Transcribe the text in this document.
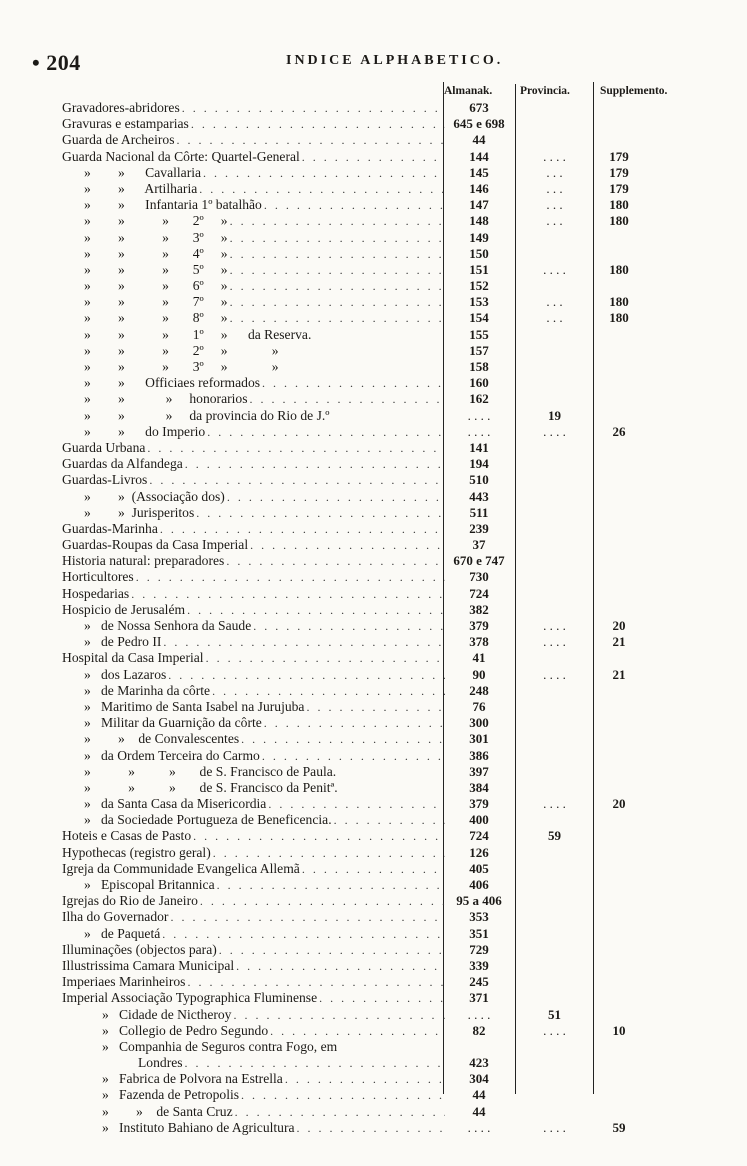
• 204	INDICE ALPHABETICO.
Almanak. Provincia.	Supplemento.
Gravadores-abridores . . .	673
Gravuras e estamparias . . .	645 e 698
Guarda de Archeiros . . .	44
Guarda Nacional da Côrte: Quartel-General . . .	144	. . . .	179
»        »      Cavallaria . . .	145	. . .	179
»        »      Artilharia . . .	146	. . .	179
»        »      Infantaria 1º batalhão . . .	147	. . .	180
»        »           »       2º     » . . .	148	. . .	180
»        »           »       3º     » . . .	149
»        »           »       4º     » . . .	150
»        »           »       5º     » . . .	151	. . . .	180
»        »           »       6º     » . . .	152
»        »           »       7º     » . . .	153	. . .	180
»        »           »       8º     » . . .	154	. . .	180
»        »           »       1º     »      da Reserva.	155
»        »           »       2º     »             »	157
»        »           »       3º     »             »	158
»        »      Officiaes reformados . . .	160
»        »            »     honorarios . . .	162
»        »            »     da provincia do Rio de J.º	. . . .	19
»        »      do Imperio . . .	. . . .	. . . .	26
Guarda Urbana . . .	141
Guardas da Alfandega . . .	194
Guardas-Livros . . .	510
»        »  (Associação dos) . . .	443
»        »  Jurisperitos . . .	511
Guardas-Marinha . . .	239
Guardas-Roupas da Casa Imperial . . .	37
Historia natural: preparadores . . .	670 e 747
Horticultores . . .	730
Hospedarias . . .	724
Hospicio de Jerusalém . . .	382
»   de Nossa Senhora da Saude . . .	379	. . . .	20
»   de Pedro II . . .	378	. . . .	21
Hospital da Casa Imperial . . .	41
»   dos Lazaros . . .	90	. . . .	21
»   de Marinha da côrte . . .	248
»   Maritimo de Santa Isabel na Jurujuba . . .	76
»   Militar da Guarnição da côrte . . .	300
»        »    de Convalescentes . . .	301
»   da Ordem Terceira do Carmo . . .	386
»           »          »       de S. Francisco de Paula.	397
»           »          »       de S. Francisco da Penitª.	384
»   da Santa Casa da Misericordia . . .	379	. . . .	20
»   da Sociedade Portugueza de Beneficencia. . . .	400
Hoteis e Casas de Pasto . . .	724	59
Hypothecas (registro geral) . . .	126
Igreja da Communidade Evangelica Allemã . . .	405
»   Episcopal Britannica . . .	406
Igrejas do Rio de Janeiro . . .	95 a 406
Ilha do Governador . . .	353
»   de Paquetá . . .	351
Illuminações (objectos para) . . .	729
Illustrissima Camara Municipal . . .	339
Imperiaes Marinheiros . . .	245
Imperial Associação Typographica Fluminense . . .	371
»   Cidade de Nictheroy . . .	. . . .	51
»   Collegio de Pedro Segundo . . .	82	. . . .	10
»   Companhia de Seguros contra Fogo, em
Londres . . .	423
»   Fabrica de Polvora na Estrella . . .	304
»   Fazenda de Petropolis . . .	44
»        »    de Santa Cruz . . .	44
»   Instituto Bahiano de Agricultura . . .	. . . .	. . . .	59
